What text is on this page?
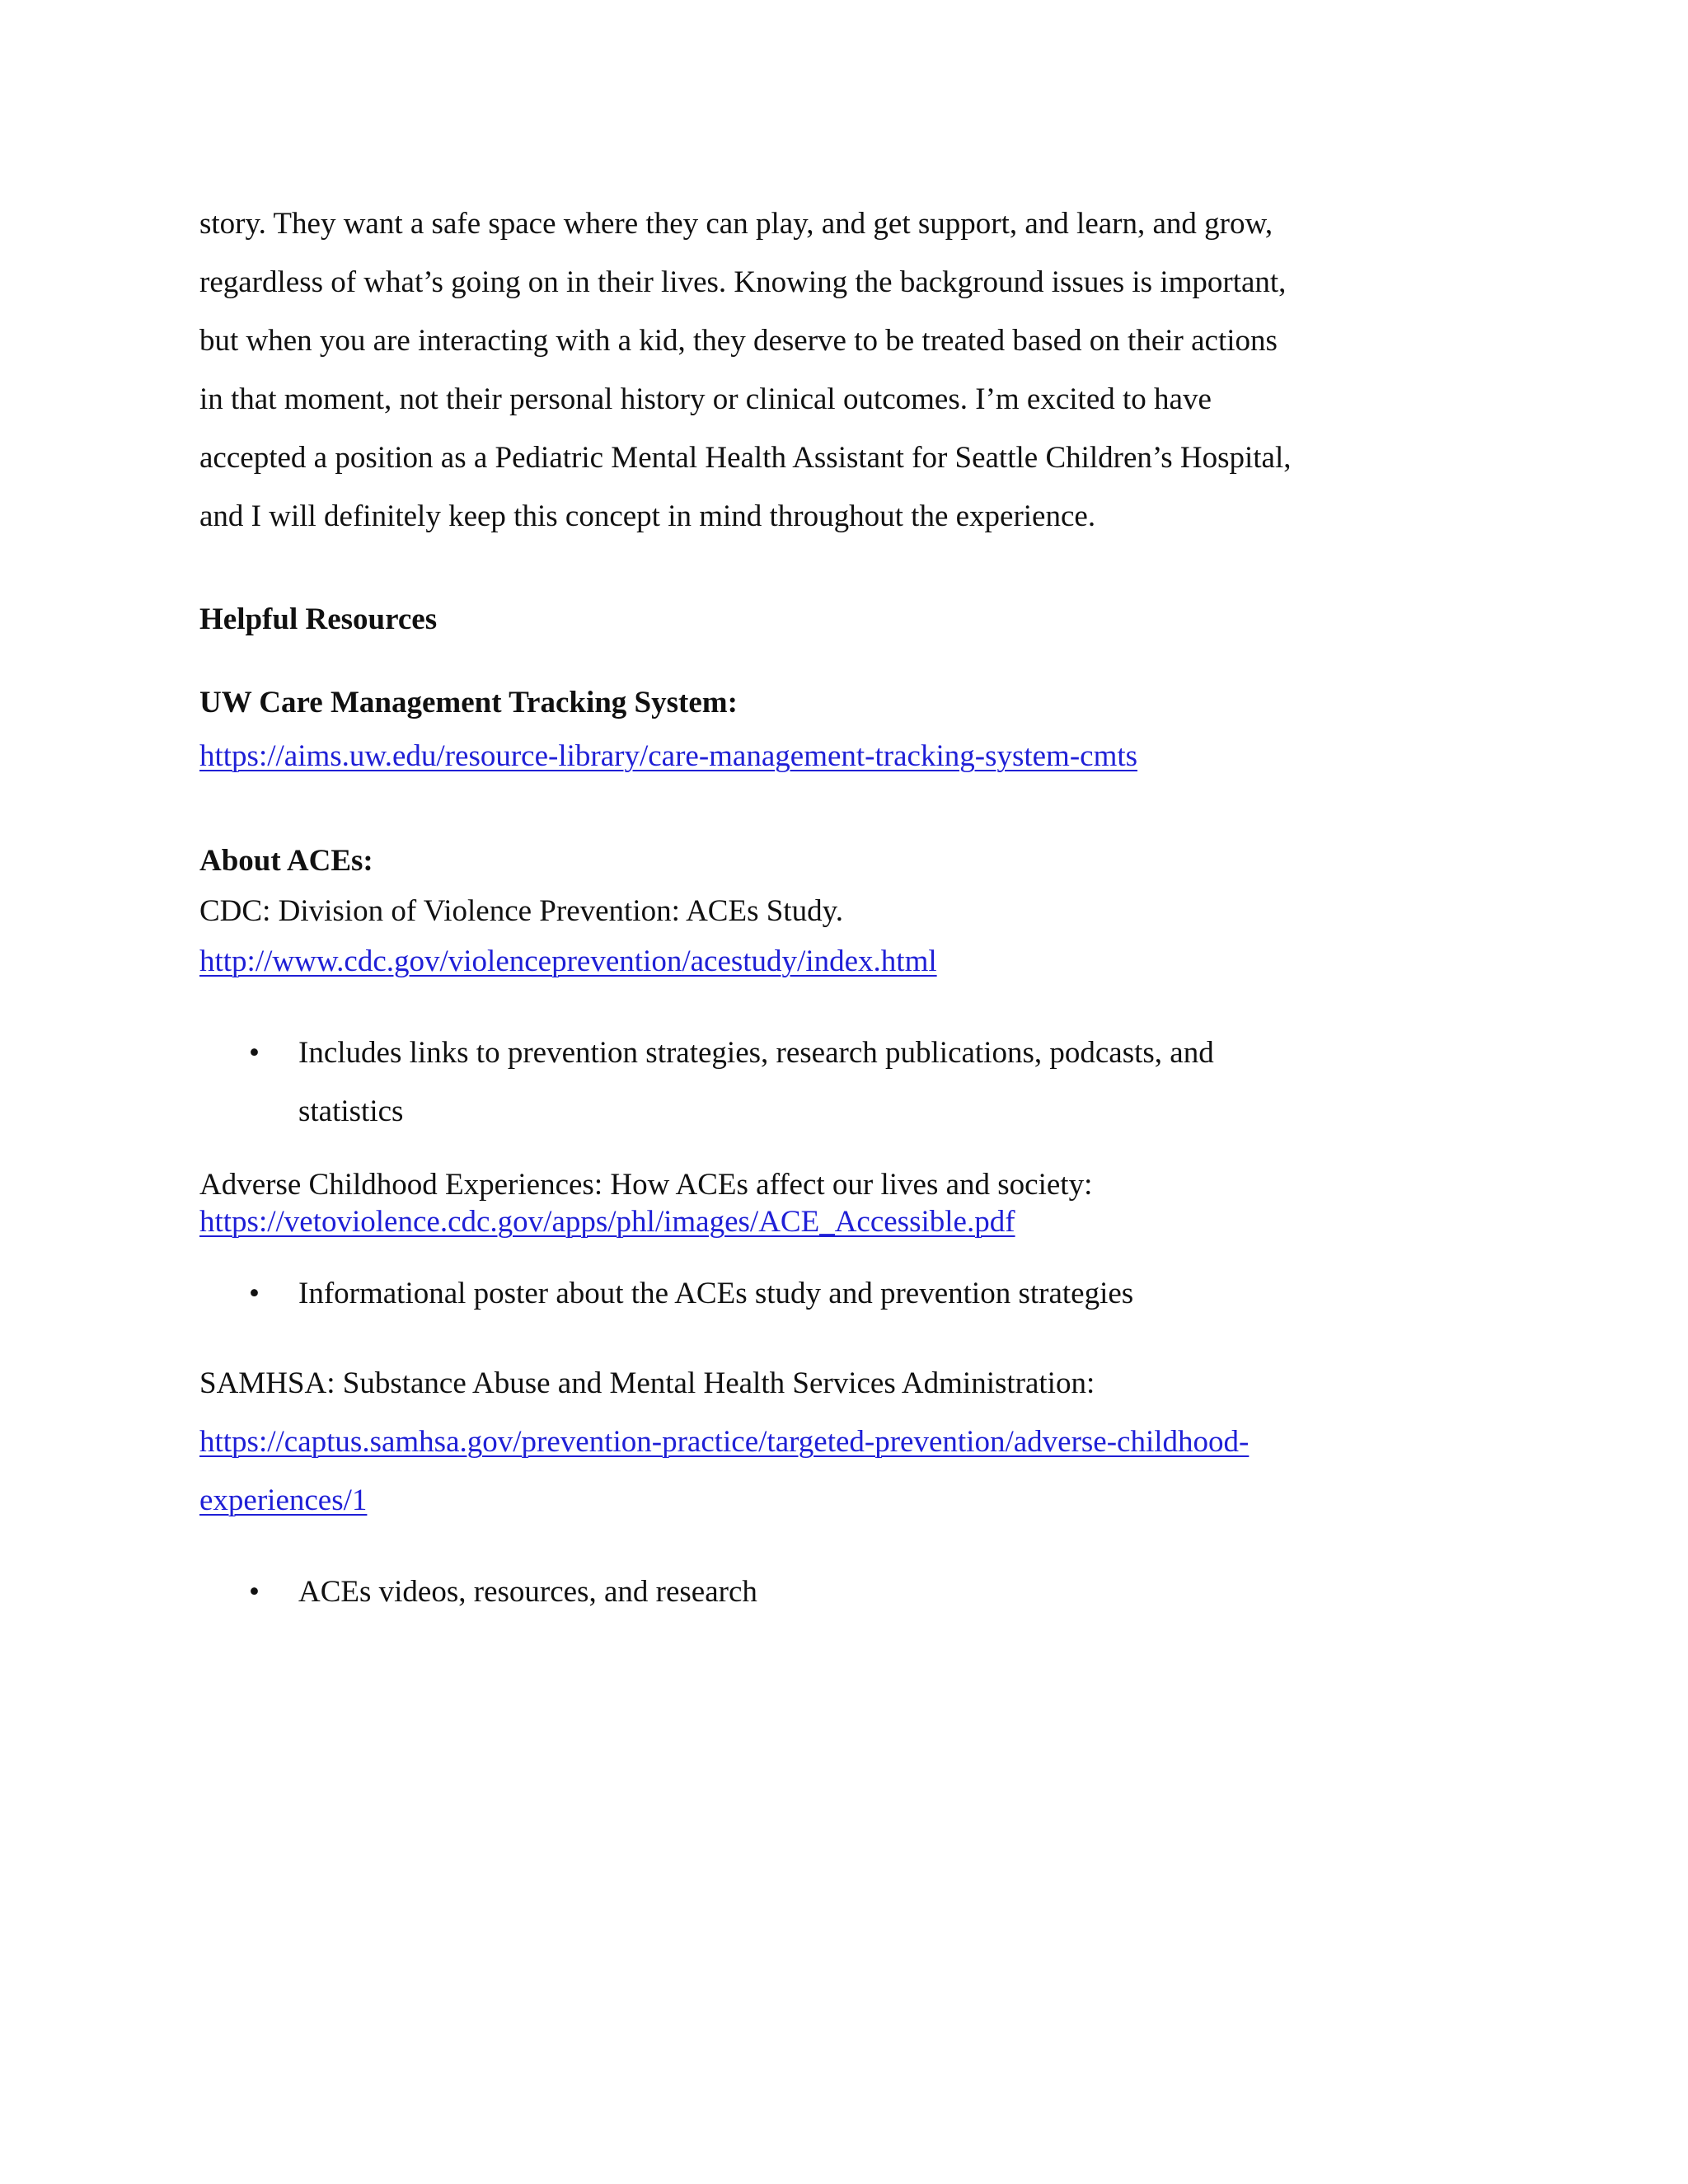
story. They want a safe space where they can play, and get support, and learn, and grow,

regardless of what’s going on in their lives. Knowing the background issues is important,

but when you are interacting with a kid, they deserve to be treated based on their actions

in that moment, not their personal history or clinical outcomes. I’m excited to have

accepted a position as a Pediatric Mental Health Assistant for Seattle Children’s Hospital,

and I will definitely keep this concept in mind throughout the experience.

Helpful Resources

UW Care Management Tracking System:

https://aims.uw.edu/resource-library/care-management-tracking-system-cmts

About ACEs:

CDC: Division of Violence Prevention: ACEs Study.

http://www.cdc.gov/violenceprevention/acestudy/index.html

• Includes links to prevention strategies, research publications, podcasts, and
statistics

Adverse Childhood Experiences: How ACEs affect our lives and society:

https://vetoviolence.cdc.gov/apps/phl/images/ACE_Accessible.pdf

• Informational poster about the ACEs study and prevention strategies

SAMHSA: Substance Abuse and Mental Health Services Administration:

https://captus.samhsa.gov/prevention-practice/targeted-prevention/adverse-childhood-
experiences/1

• ACEs videos, resources, and research
